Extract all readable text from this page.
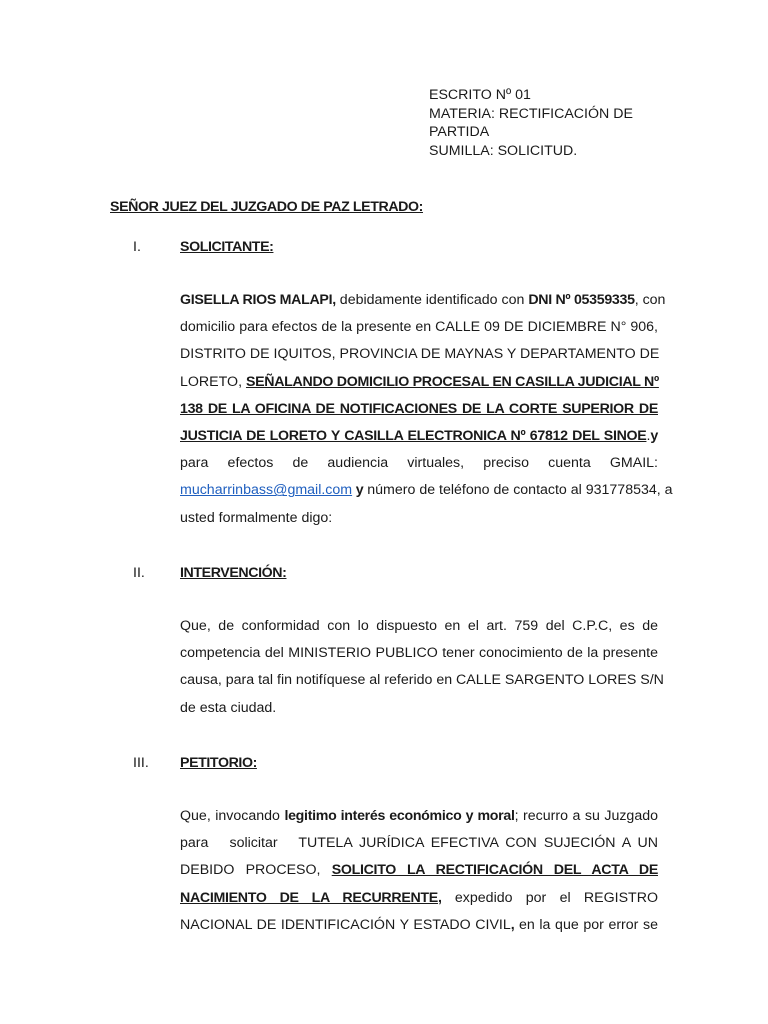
ESCRITO Nº 01
MATERIA: RECTIFICACIÓN DE
PARTIDA
SUMILLA: SOLICITUD.
SEÑOR JUEZ DEL JUZGADO DE PAZ LETRADO:
I.	SOLICITANTE:
GISELLA RIOS MALAPI, debidamente identificado con DNI Nº 05359335, con
domicilio para efectos de la presente en CALLE 09 DE DICIEMBRE N° 906,
DISTRITO DE IQUITOS, PROVINCIA DE MAYNAS Y DEPARTAMENTO DE
LORETO, SEÑALANDO DOMICILIO PROCESAL EN CASILLA JUDICIAL Nº
138 DE LA OFICINA DE NOTIFICACIONES DE LA CORTE SUPERIOR DE
JUSTICIA DE LORETO Y CASILLA ELECTRONICA Nº 67812 DEL SINOE.y
para efectos de audiencia virtuales, preciso cuenta GMAIL:
mucharrinbass@gmail.com y número de teléfono de contacto al 931778534, a
usted formalmente digo:
II. INTERVENCIÓN:
Que, de conformidad con lo dispuesto en el art. 759 del C.P.C, es de
competencia del MINISTERIO PUBLICO tener conocimiento de la presente
causa, para tal fin notifíquese al referido en CALLE SARGENTO LORES S/N
de esta ciudad.
III. PETITORIO:
Que, invocando legitimo interés económico y moral; recurro a su Juzgado
para   solicitar   TUTELA JURÍDICA EFECTIVA CON SUJECIÓN A UN
DEBIDO PROCESO, SOLICITO LA RECTIFICACIÓN DEL ACTA DE
NACIMIENTO DE LA RECURRENTE, expedido por el REGISTRO
NACIONAL DE IDENTIFICACIÓN Y ESTADO CIVIL, en la que por error se
